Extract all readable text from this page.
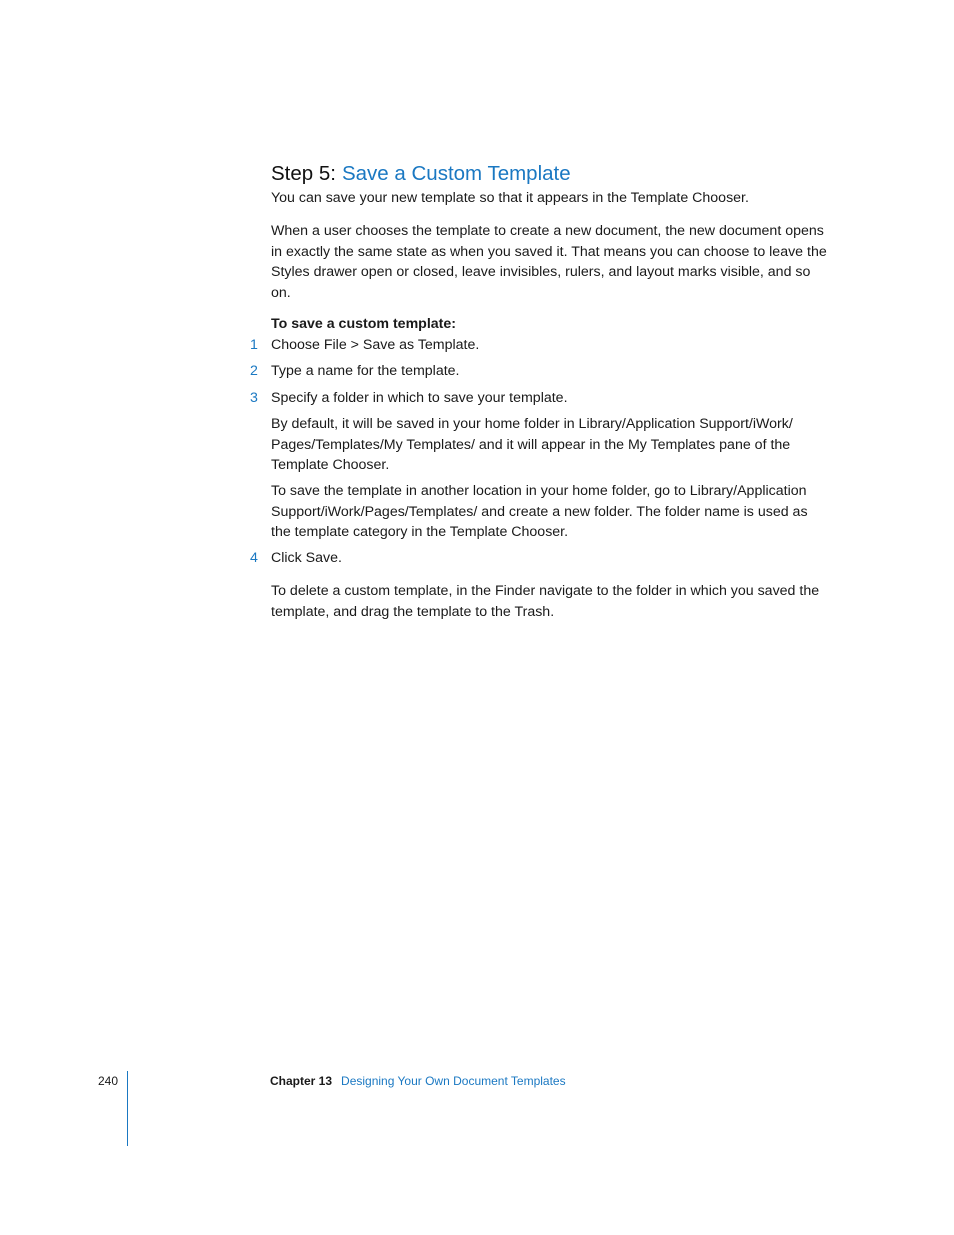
Step 5: Save a Custom Template
You can save your new template so that it appears in the Template Chooser.
When a user chooses the template to create a new document, the new document opens in exactly the same state as when you saved it. That means you can choose to leave the Styles drawer open or closed, leave invisibles, rulers, and layout marks visible, and so on.
To save a custom template:
1 Choose File > Save as Template.
2 Type a name for the template.
3 Specify a folder in which to save your template.
By default, it will be saved in your home folder in Library/Application Support/iWork/ Pages/Templates/My Templates/ and it will appear in the My Templates pane of the Template Chooser.
To save the template in another location in your home folder, go to Library/Application Support/iWork/Pages/Templates/ and create a new folder. The folder name is used as the template category in the Template Chooser.
4 Click Save.
To delete a custom template, in the Finder navigate to the folder in which you saved the template, and drag the template to the Trash.
240	Chapter 13 Designing Your Own Document Templates
